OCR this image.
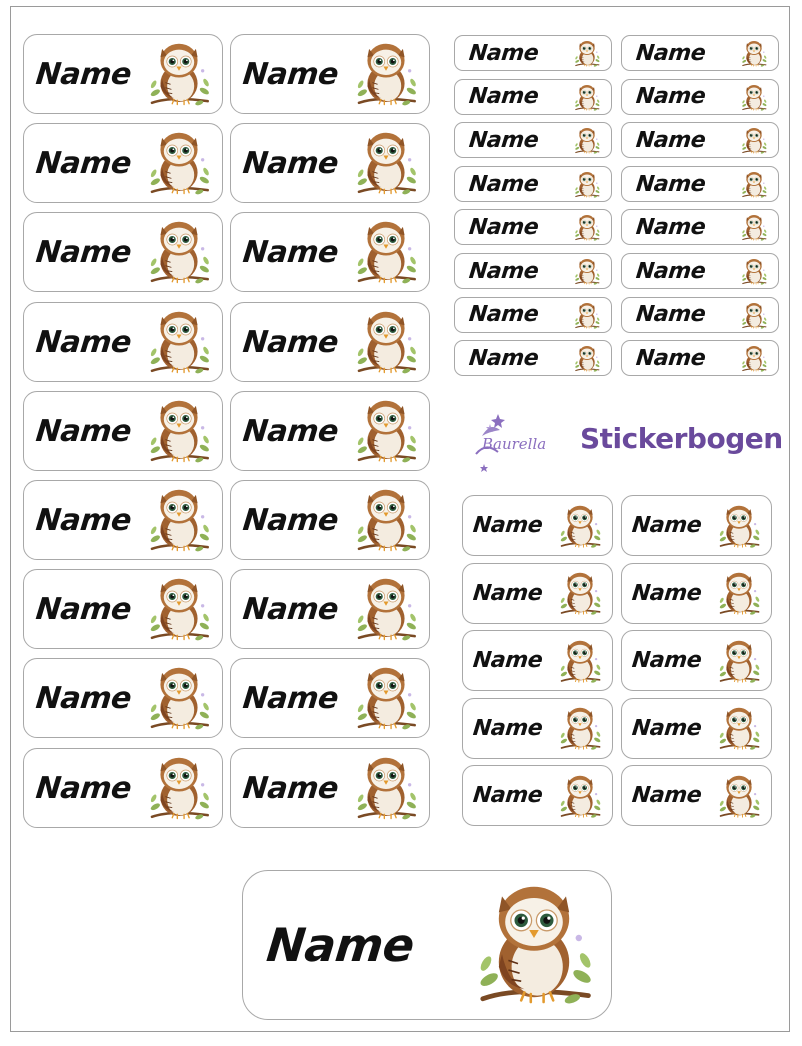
Baurella Stickerbogen
Name	Name
Name	Name
Name	Name
Name	Name
Name	Name
Name	Name
Name	Name
Name	Name
Name	Name
Name	Name
Name	Name
Name	Name
Name	Name
Name	Name
Name	Name
Name	Name
Name	Name
Name	Name
Name	Name
Name	Name
Name	Name
Name	Name
Name
